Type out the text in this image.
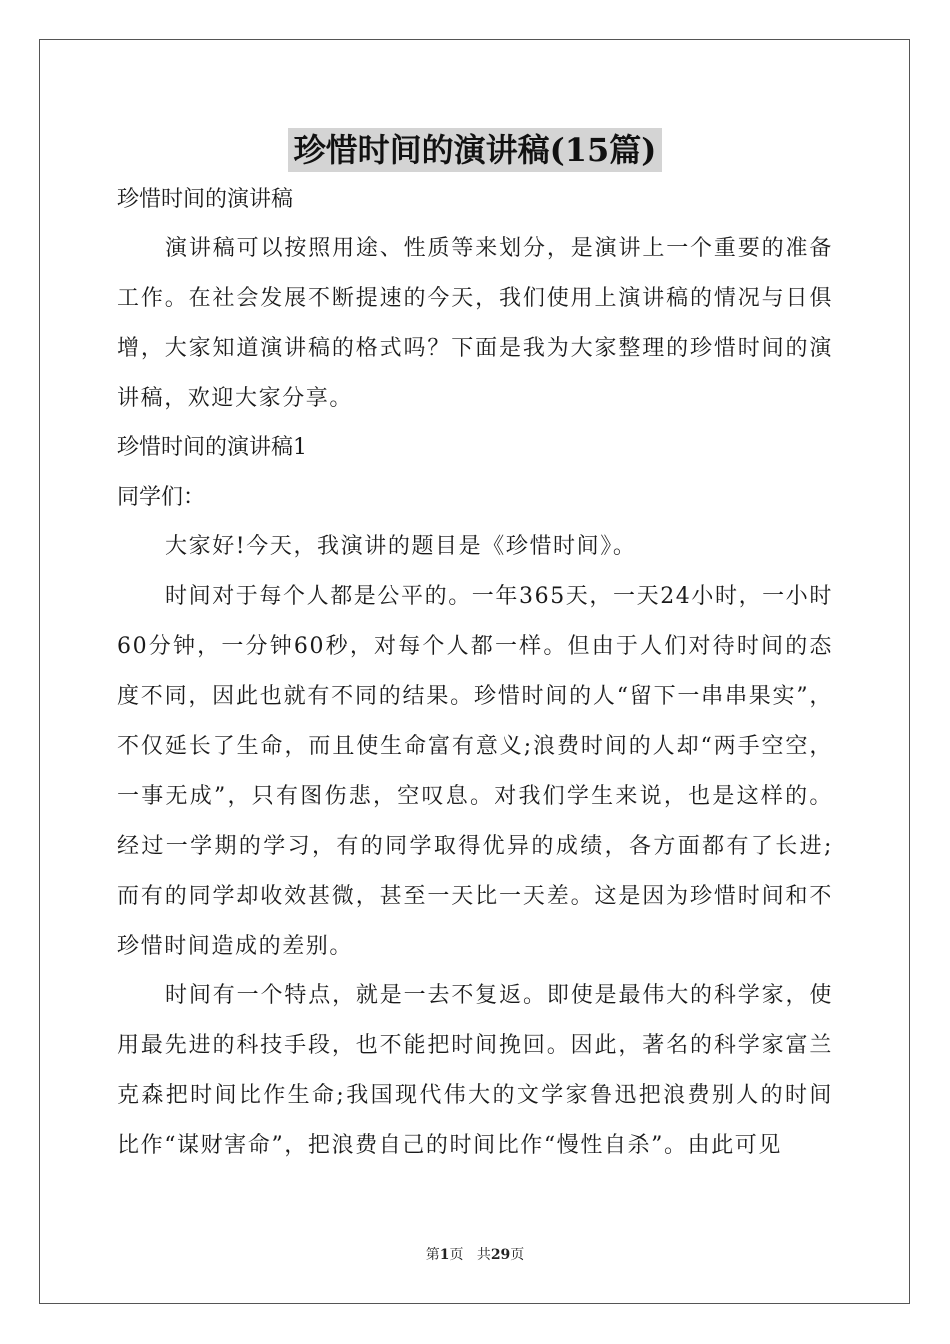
珍惜时间的演讲稿(15篇)
珍惜时间的演讲稿

演讲稿可以按照用途、性质等来划分，是演讲上一个重要的准备工作。在社会发展不断提速的今天，我们使用上演讲稿的情况与日俱增，大家知道演讲稿的格式吗？下面是我为大家整理的珍惜时间的演讲稿，欢迎大家分享。

珍惜时间的演讲稿1
同学们：

大家好!今天，我演讲的题目是《珍惜时间》。

时间对于每个人都是公平的。一年365天，一天24小时，一小时60分钟，一分钟60秒，对每个人都一样。但由于人们对待时间的态度不同，因此也就有不同的结果。珍惜时间的人“留下一串串果实”，不仅延长了生命，而且使生命富有意义;浪费时间的人却“两手空空，一事无成”，只有图伤悲，空叹息。对我们学生来说，也是这样的。经过一学期的学习，有的同学取得优异的成绩，各方面都有了长进;而有的同学却收效甚微，甚至一天比一天差。这是因为珍惜时间和不珍惜时间造成的差别。

时间有一个特点，就是一去不复返。即使是最伟大的科学家，使用最先进的科技手段，也不能把时间挽回。因此，著名的科学家富兰克森把时间比作生命;我国现代伟大的文学家鲁迅把浪费别人的时间比作“谋财害命”，把浪费自己的时间比作“慢性自杀”。由此可见

第1页 共29页
